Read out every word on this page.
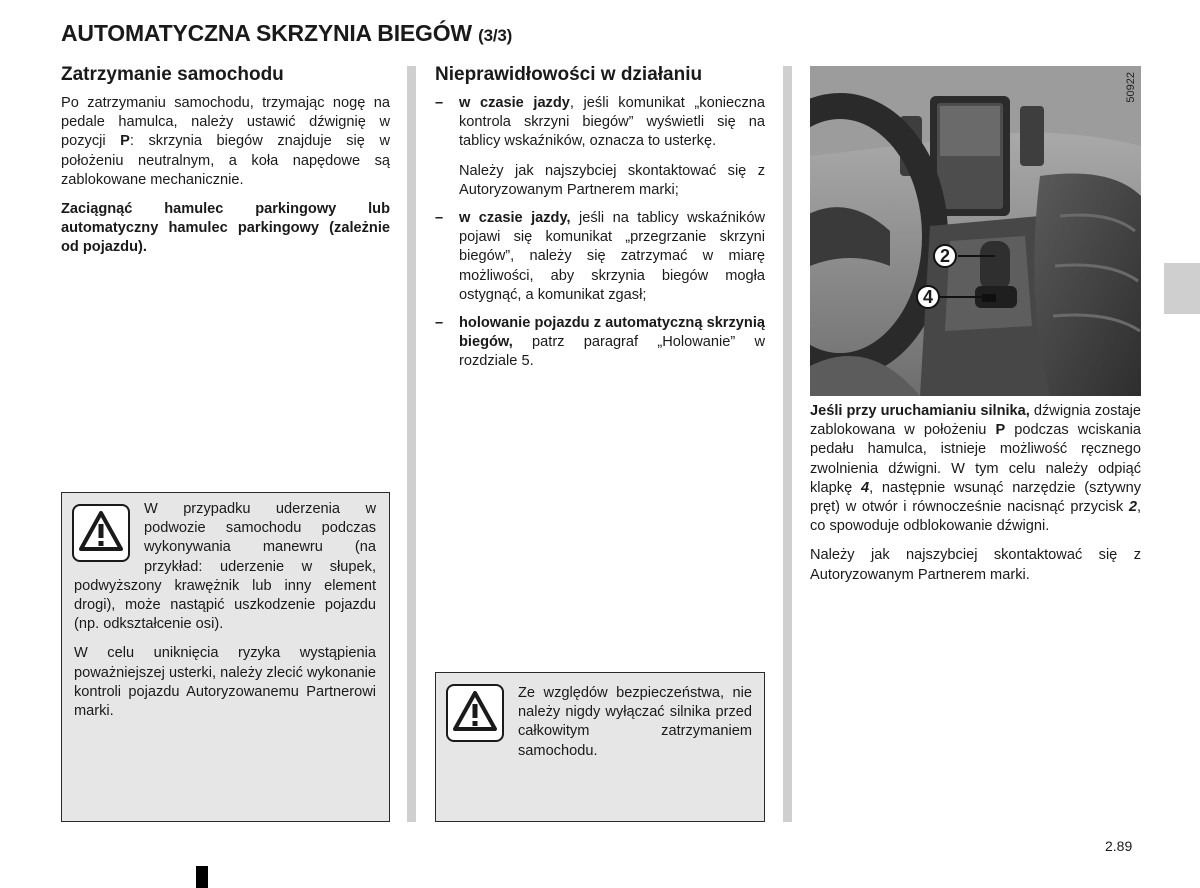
AUTOMATYCZNA SKRZYNIA BIEGÓW (3/3)
Zatrzymanie samochodu

Po zatrzymaniu samochodu, trzymając nogę na pedale hamulca, należy ustawić dźwignię w pozycji P: skrzynia biegów znajduje się w położeniu neutralnym, a koła napędowe są zablokowane mechanicznie.

Zaciągnąć hamulec parkingowy lub automatyczny hamulec parkingowy (zależnie od pojazdu).

W przypadku uderzenia w podwozie samochodu podczas wykonywania manewru (na przykład: uderzenie w słupek, podwyższony krawężnik lub inny element drogi), może nastąpić uszkodzenie pojazdu (np. odkształcenie osi).

W celu uniknięcia ryzyka wystąpienia poważniejszej usterki, należy zlecić wykonanie kontroli pojazdu Autoryzowanemu Partnerowi marki.

Nieprawidłowości w działaniu
– w czasie jazdy, jeśli komunikat „konieczna kontrola skrzyni biegów” wyświetli się na tablicy wskaźników, oznacza to usterkę.

Należy jak najszybciej skontaktować się z Autoryzowanym Partnerem marki;

– w czasie jazdy, jeśli na tablicy wskaźników pojawi się komunikat „przegrzanie skrzyni biegów”, należy się zatrzymać w miarę możliwości, aby skrzynia biegów mogła ostygnąć, a komunikat zgasł;
– holowanie pojazdu z automatyczną skrzynią biegów, patrz paragraf „Holowanie” w rozdziale 5.
Ze względów bezpieczeństwa, nie należy nigdy wyłączać silnika przed całkowitym zatrzymaniem samochodu.
50922
2
4

Jeśli przy uruchamianiu silnika, dźwignia zostaje zablokowana w położeniu P podczas wciskania pedału hamulca, istnieje możliwość ręcznego zwolnienia dźwigni. W tym celu należy odpiąć klapkę 4, następnie wsunąć narzędzie (sztywny pręt) w otwór i równocześnie nacisnąć przycisk 2, co spowoduje odblokowanie dźwigni.

Należy jak najszybciej skontaktować się z Autoryzowanym Partnerem marki.

2.89
